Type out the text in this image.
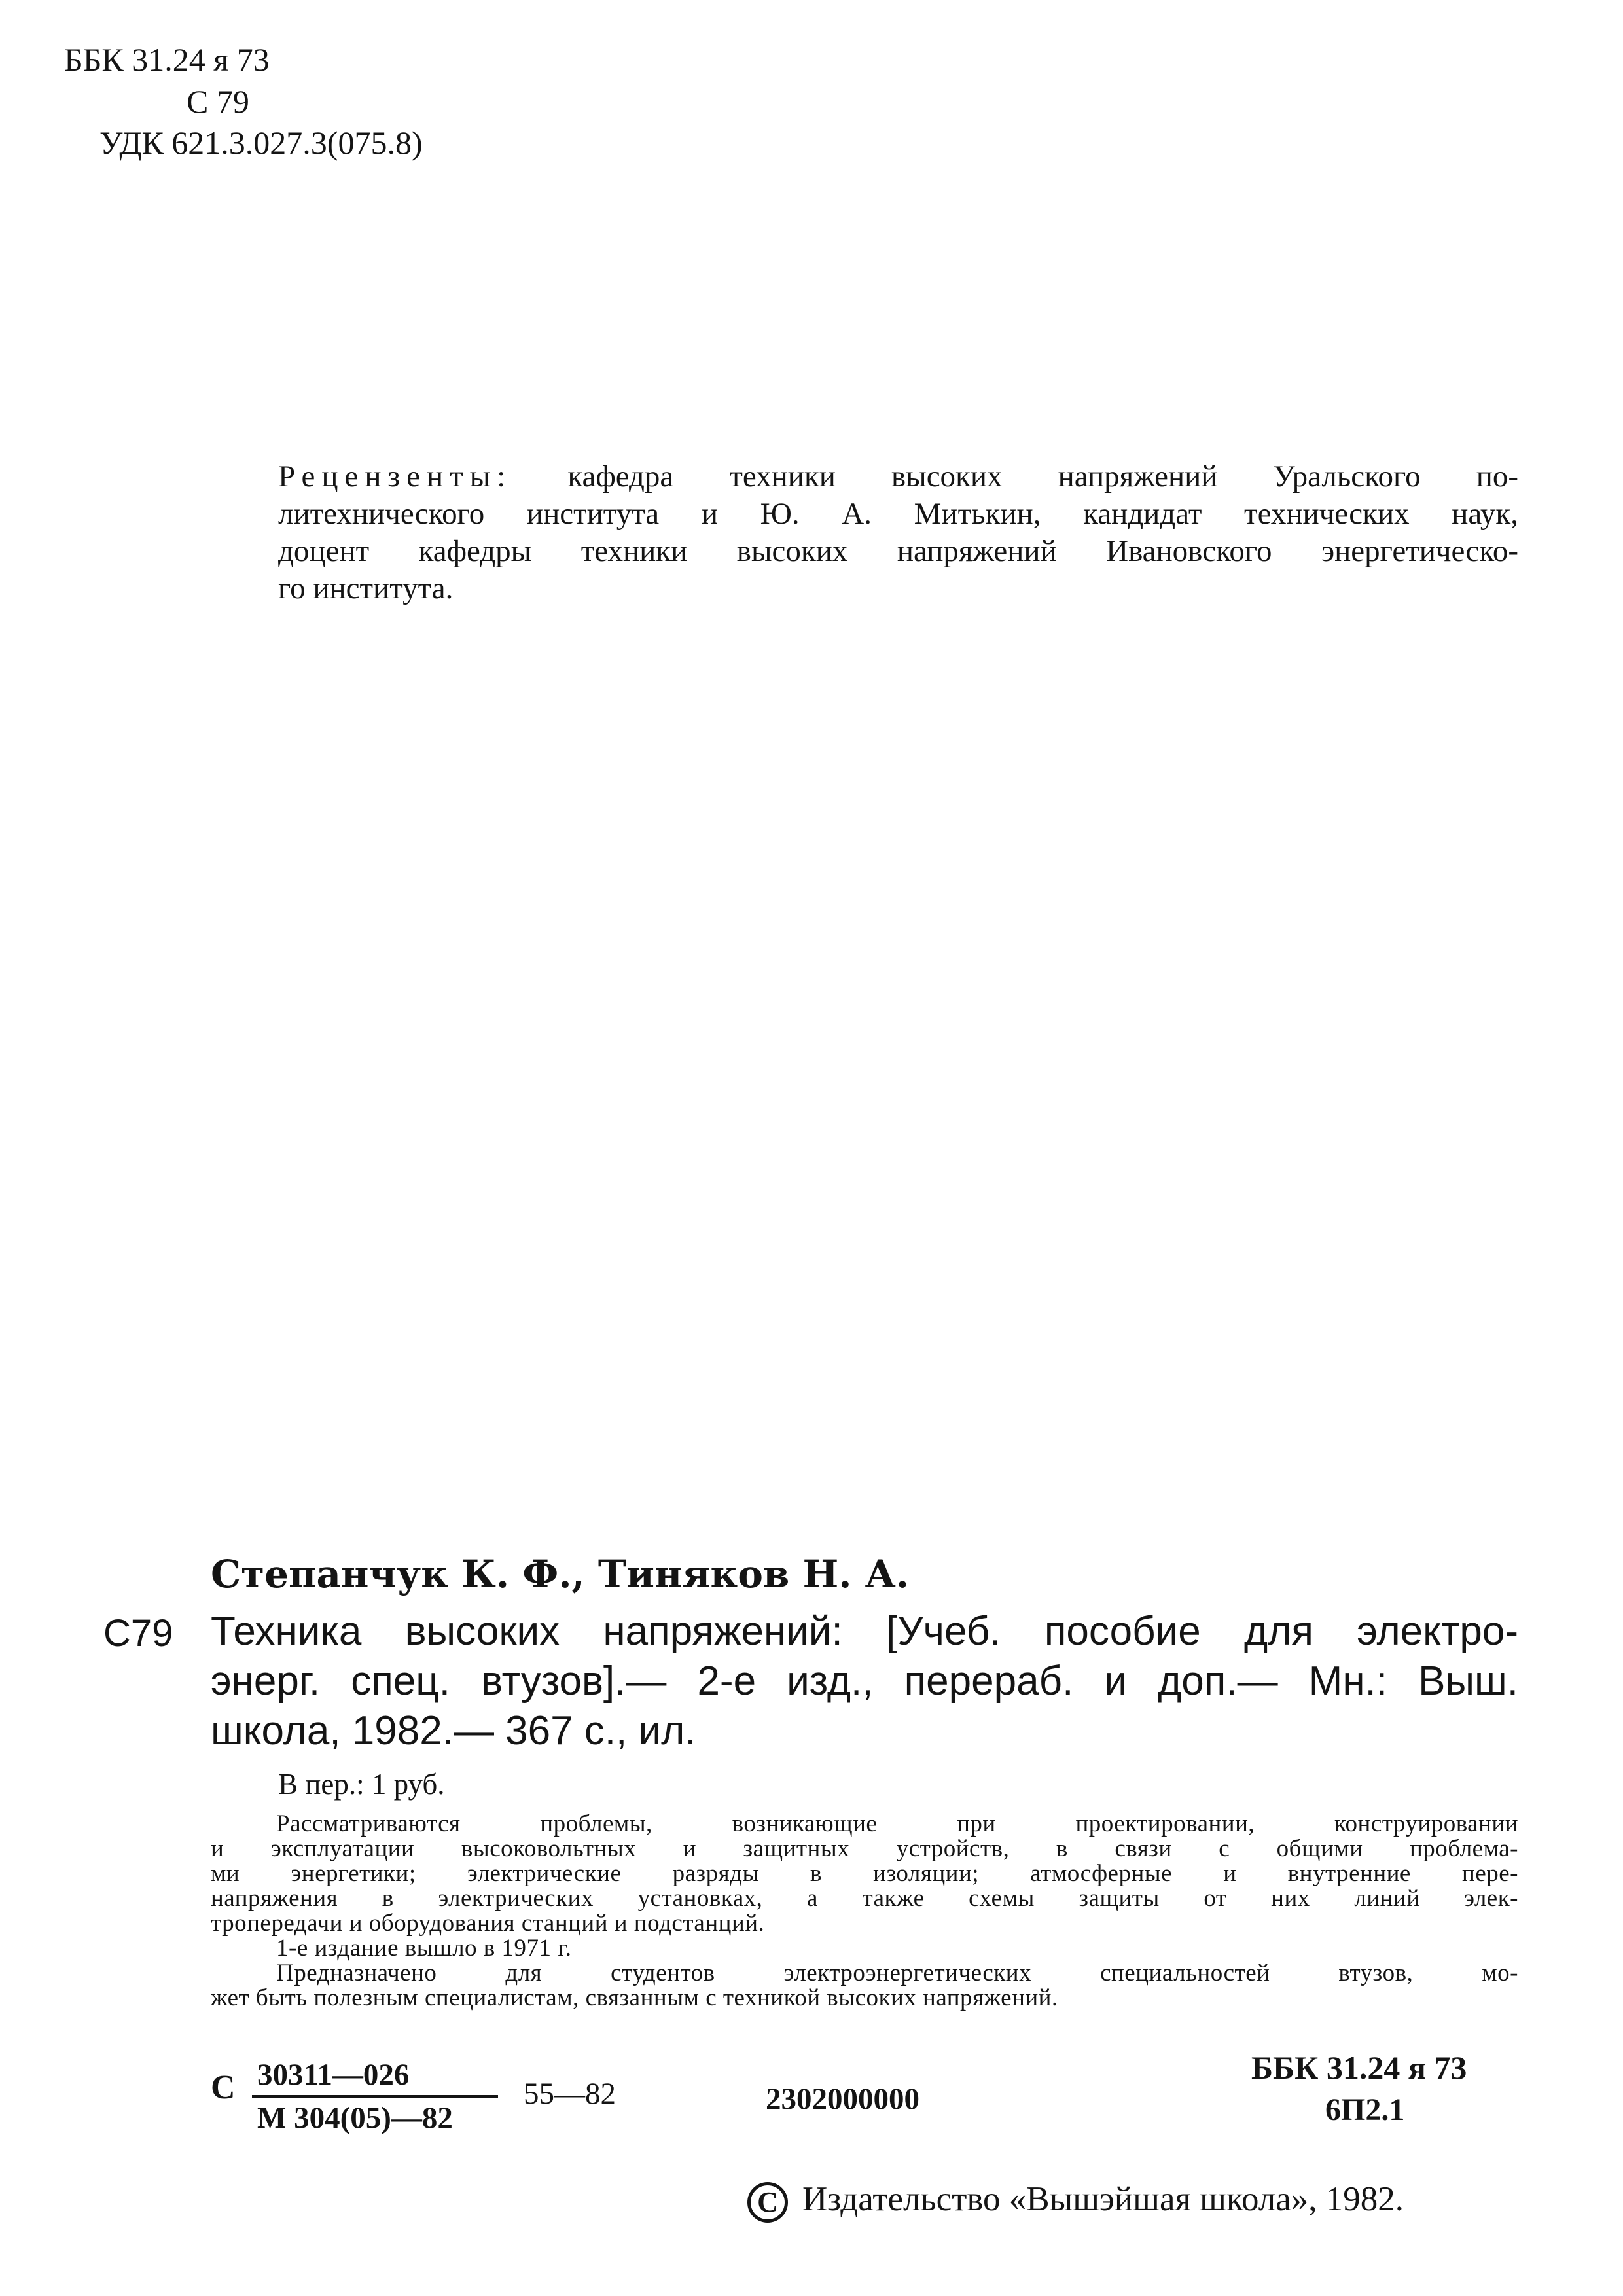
ББК 31.24 я 73
С 79
УДК 621.3.027.3(075.8)
Рецензенты: кафедра техники высоких напряжений Уральского по-
литехнического института и Ю. А. Митькин, кандидат технических наук,
доцент кафедры техники высоких напряжений Ивановского энергетическо-
го института.
Степанчук К. Ф., Тиняков Н. А.
С79 Техника высоких напряжений: [Учеб. пособие для электро-
энерг. спец. втузов].— 2-е изд., перераб. и доп.— Мн.: Выш.
школа, 1982.— 367 с., ил.
В пер.: 1 руб.
Рассматриваются проблемы, возникающие при проектировании, конструировании
и эксплуатации высоковольтных и защитных устройств, в связи с общими проблема-
ми энергетики; электрические разряды в изоляции; атмосферные и внутренние пере-
напряжения в электрических установках, а также схемы защиты от них линий элек-
тропередачи и оборудования станций и подстанций.
1-е издание вышло в 1971 г.
Предназначено для студентов электроэнергетических специальностей втузов, мо-
жет быть полезным специалистам, связанным с техникой высоких напряжений.
С 30311—026
М 304(05)—82
55—82	2302000000
ББК 31.24 я 73
6П2.1
C Издательство «Вышэйшая школа», 1982.
